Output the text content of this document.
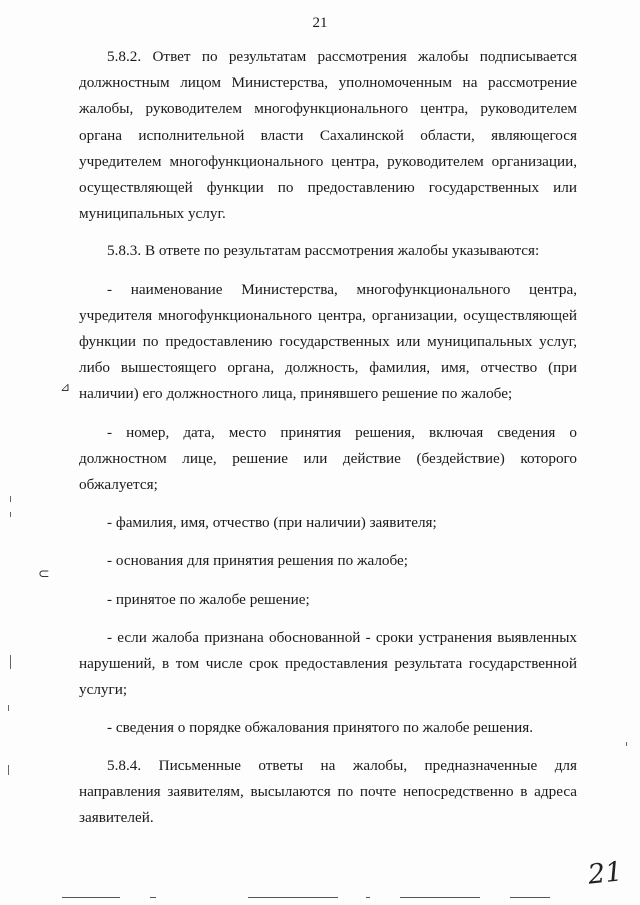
21

5.8.2. Ответ по результатам рассмотрения жалобы подписывается должностным лицом Министерства, уполномоченным на рассмотрение жалобы, руководителем многофункционального центра, руководителем органа исполнительной власти Сахалинской области, являющегося учредителем многофункционального центра, руководителем организации, осуществляющей функции по предоставлению государственных или муниципальных услуг.

5.8.3. В ответе по результатам рассмотрения жалобы указываются:

- наименование Министерства, многофункционального центра, учредителя многофункционального центра, организации, осуществляющей функции по предоставлению государственных или муниципальных услуг, либо вышестоящего органа, должность, фамилия, имя, отчество (при наличии) его должностного лица, принявшего решение по жалобе;

- номер, дата, место принятия решения, включая сведения о должностном лице, решение или действие (бездействие) которого обжалуется;

- фамилия, имя, отчество (при наличии) заявителя;

- основания для принятия решения по жалобе;

- принятое по жалобе решение;

- если жалоба признана обоснованной - сроки устранения выявленных нарушений, в том числе срок предоставления результата государственной услуги;

- сведения о порядке обжалования принятого по жалобе решения.

5.8.4. Письменные ответы на жалобы, предназначенные для направления заявителям, высылаются по почте непосредственно в адреса заявителей.

⊿
⊂
21
